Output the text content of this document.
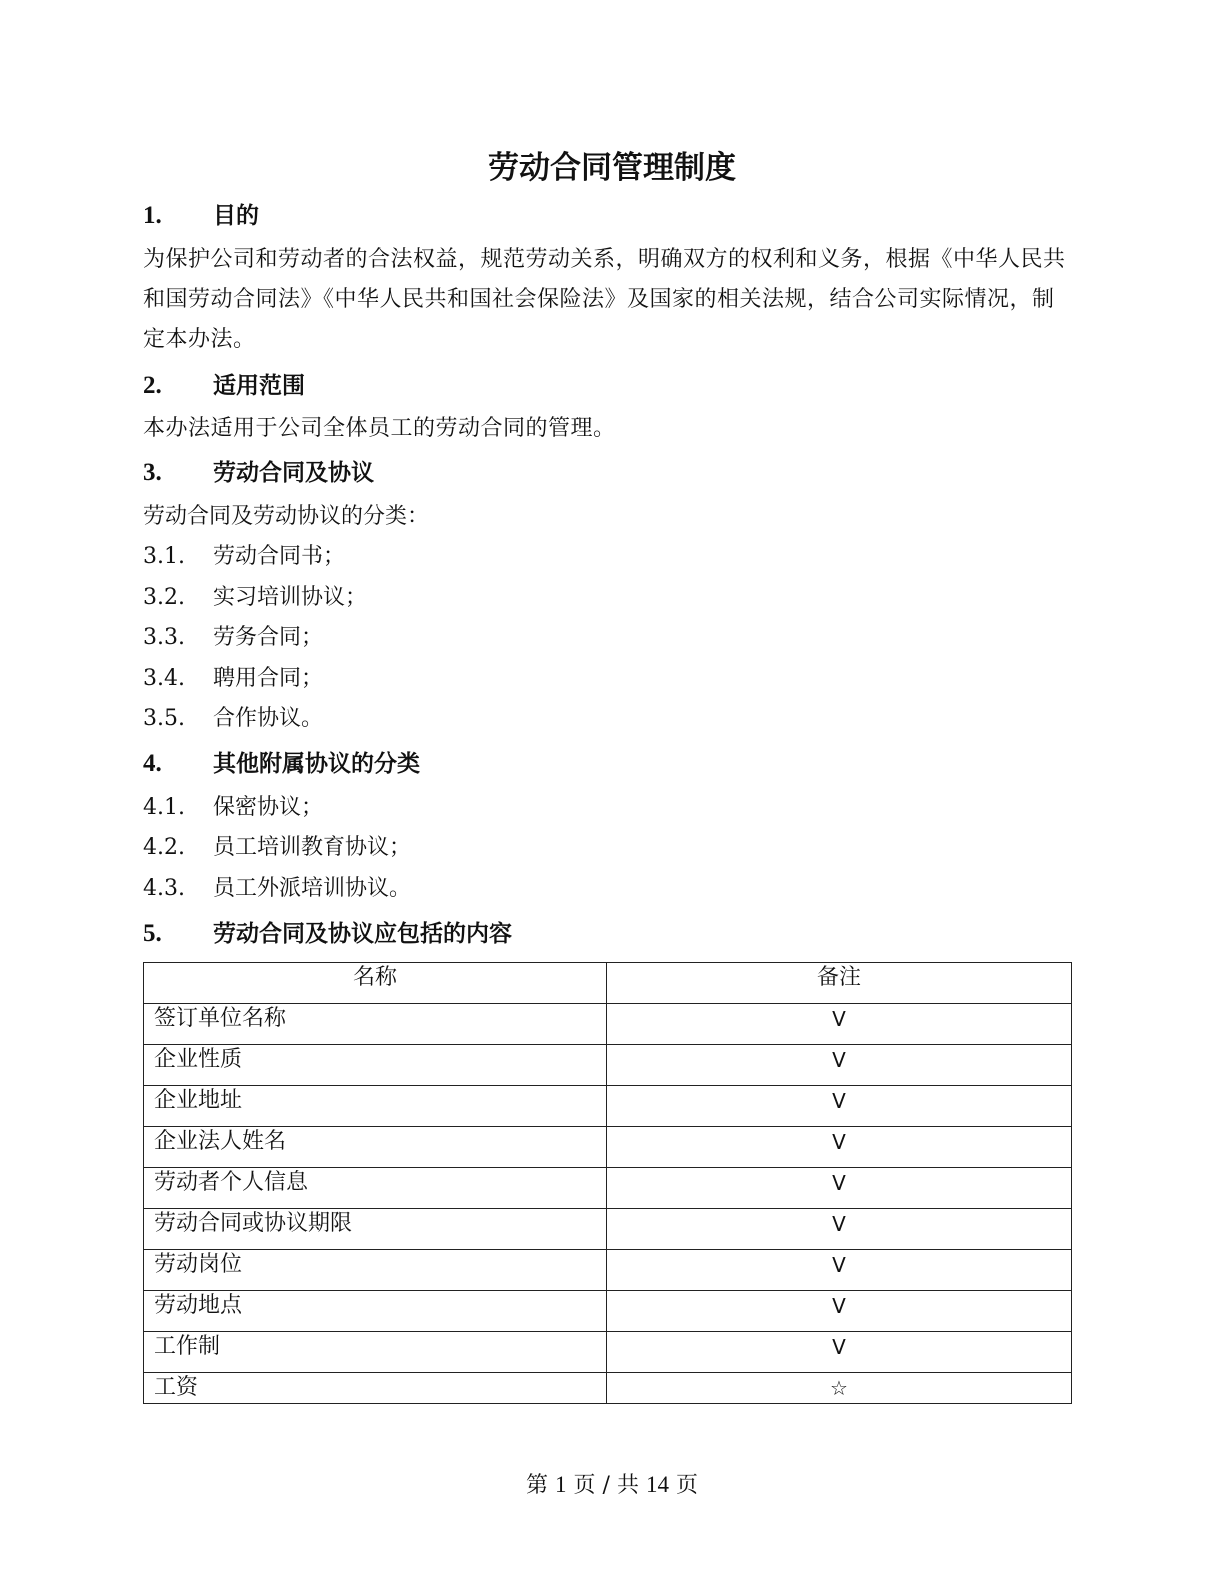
劳动合同管理制度
1. 目的
为保护公司和劳动者的合法权益，规范劳动关系，明确双方的权利和义务，根据《中华人民共和国劳动合同法》《中华人民共和国社会保险法》及国家的相关法规，结合公司实际情况，制定本办法。
2. 适用范围
本办法适用于公司全体员工的劳动合同的管理。
3. 劳动合同及协议
劳动合同及劳动协议的分类：
3.1. 劳动合同书；
3.2. 实习培训协议；
3.3. 劳务合同；
3.4. 聘用合同；
3.5. 合作协议。
4. 其他附属协议的分类
4.1. 保密协议；
4.2. 员工培训教育协议；
4.3. 员工外派培训协议。
5. 劳动合同及协议应包括的内容
名称	备注
签订单位名称	V
企业性质	V
企业地址	V
企业法人姓名	V
劳动者个人信息	V
劳动合同或协议期限	V
劳动岗位	V
劳动地点	V
工作制	V
工资	☆
第 1 页 / 共 14 页
